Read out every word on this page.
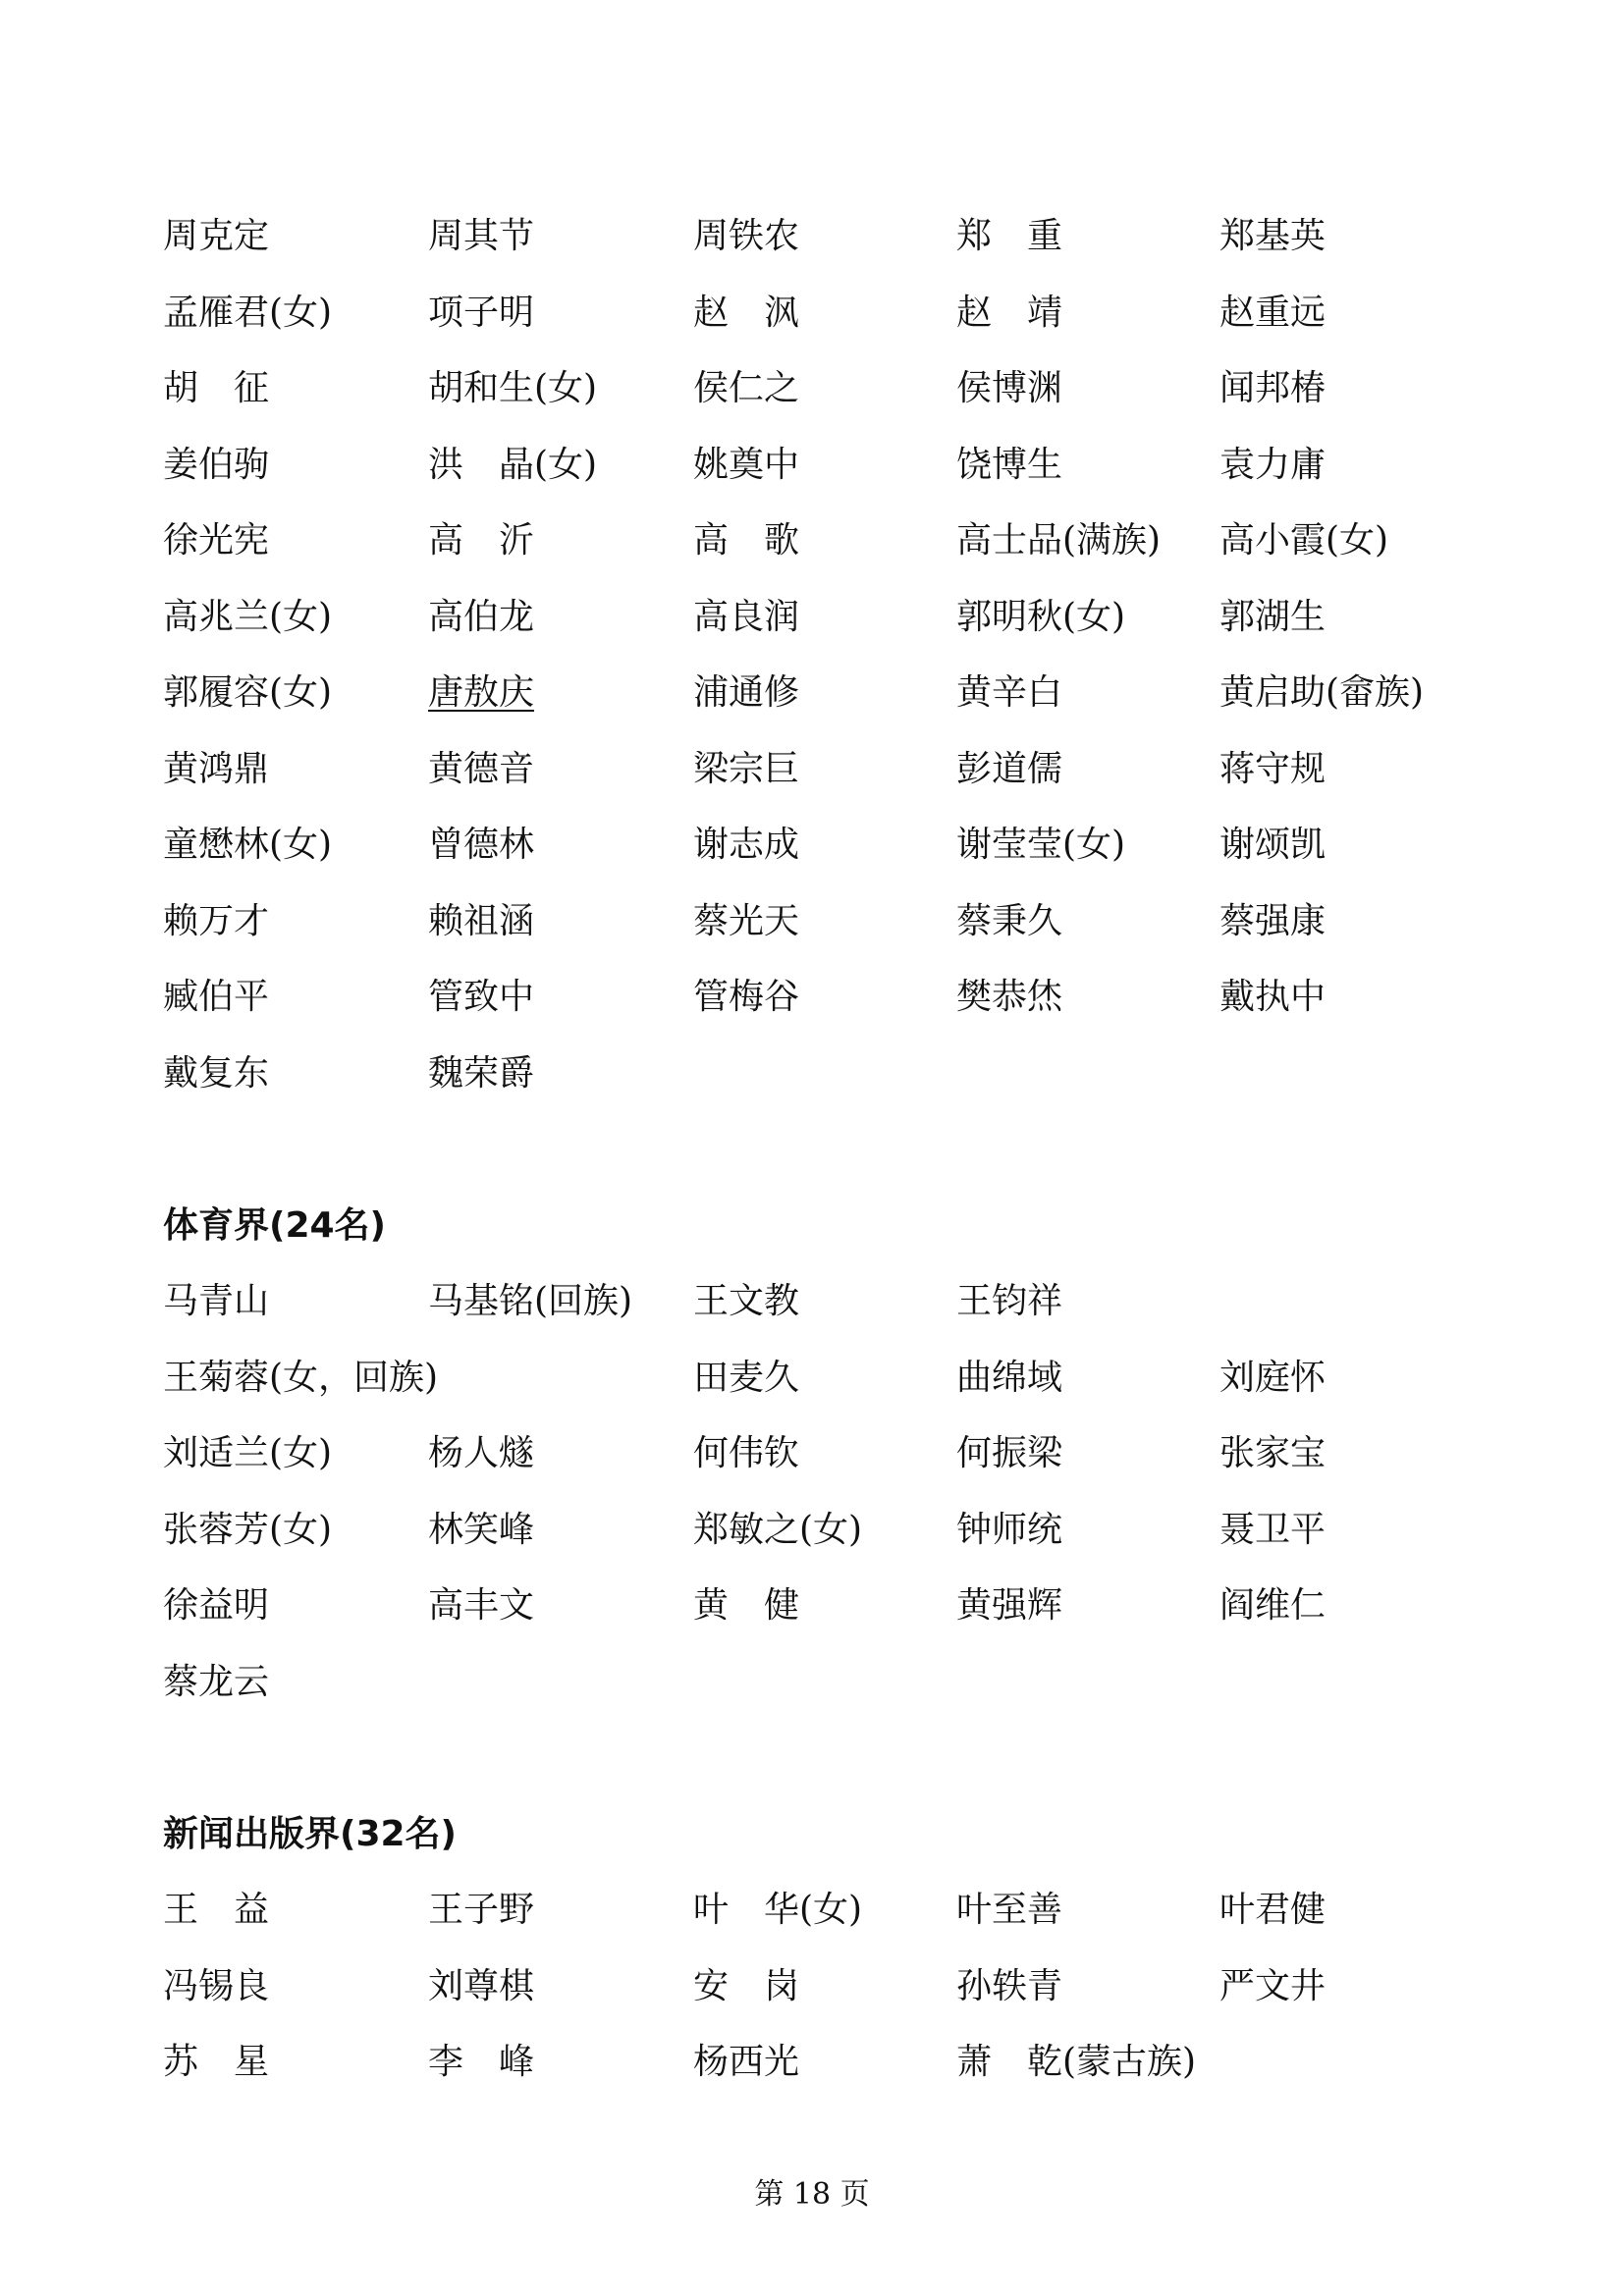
周克定	周其节	周铁农	郑　重	郑基英
孟雁君(女)	项子明	赵　沨	赵　靖	赵重远
胡　征	胡和生(女)	侯仁之	侯博渊	闻邦椿
姜伯驹	洪　晶(女)	姚奠中	饶博生	袁力庸
徐光宪	高　沂	高　歌	高士品(满族) 高小霞(女)
高兆兰(女)	高伯龙	高良润	郭明秋(女)	郭湖生
郭履容(女)	唐敖庆	浦通修	黄辛白	黄启助(畲族)
黄鸿鼎	黄德音	梁宗巨	彭道儒	蒋守规
童懋林(女)	曾德林	谢志成	谢莹莹(女)	谢颂凯
赖万才	赖祖涵	蔡光天	蔡秉久	蔡强康
臧伯平	管致中	管梅谷	樊恭烋	戴执中
戴复东	魏荣爵
体育界(24名)
马青山	马基铭(回族) 王文教	王钧祥
王菊蓉(女，回族)	田麦久	曲绵域	刘庭怀
刘适兰(女)	杨人燧	何伟钦	何振梁	张家宝
张蓉芳(女)	林笑峰	郑敏之(女)	钟师统	聂卫平
徐益明	高丰文	黄　健	黄强辉	阎维仁
蔡龙云
新闻出版界(32名)
王　益	王子野	叶　华(女)	叶至善	叶君健
冯锡良	刘尊棋	安　岗	孙轶青	严文井
苏　星	李　峰	杨西光	萧　乾(蒙古族)
第 18 页
